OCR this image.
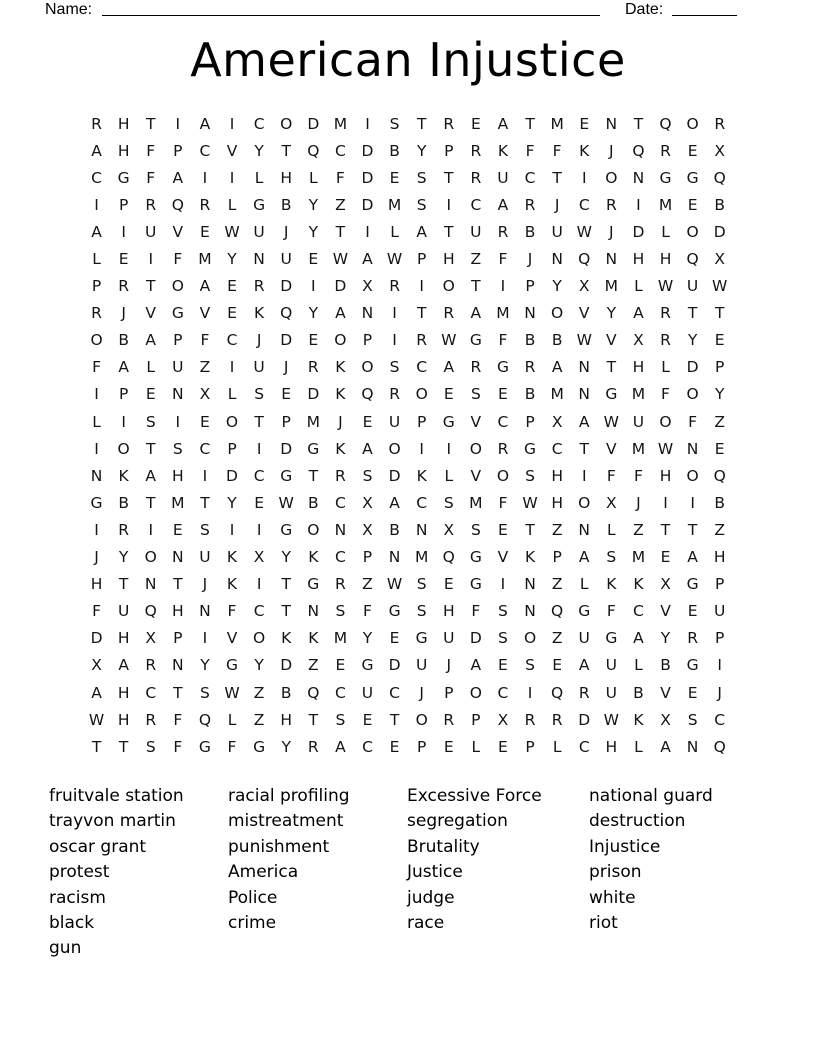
Name:	Date:
American Injustice
R	H	T	I	A	I	C	O D M	I	S	T	R	E	A	T	M	E	N	T	Q O	R
A	H	F	P	C	V	Y	T	Q	C	D	B	Y	P	R	K	F	F	K	J	Q	R	E	X
C	G	F	A	I	I	L	H	L	F	D	E	S	T	R	U	C	T	I	O N G G Q
I	P	R	Q	R	L	G	B	Y	Z	D M S	I	C	A	R	J	C	R	I	M	E	B
A	I	U	V	E W U	J	Y	T	I	L	A	T	U	R	B	U W	J	D	L	O D
L	E	I	F	M	Y	N	U	E W A W P	H	Z	F	J	N Q N H H Q	X
P	R	T	O	A	E	R	D	I	D	X	R	I	O	T	I	P	Y	X M	L W U W
R	J	V	G	V	E	K	Q	Y	A	N	I	T	R	A M N O	V	Y	A	R	T	T
O	B	A	P	F	C	J	D	E	O	P	I	R W G	F	B	B W V	X	R	Y	E
F	A	L	U	Z	I	U	J	R	K	O	S	C	A	R	G	R	A	N	T	H	L	D	P
I	P	E	N	X	L	S	E	D	K	Q	R	O	E	S	E	B M N G M	F	O	Y
L	I	S	I	E	O	T	P	M	J	E	U	P	G	V	C	P	X	A W U O	F	Z
I	O	T	S	C	P	I	D G	K	A	O	I	I	O	R	G	C	T	V M W N	E
N	K	A	H	I	D	C	G	T	R	S	D	K	L	V	O	S	H	I	F	F	H O Q
G	B	T	M	T	Y	E W B	C	X	A	C	S M	F W H O	X	J	I	I	B
I	R	I	E	S	I	I	G O N	X	B	N	X	S	E	T	Z	N	L	Z	T	T	Z
J	Y	O N	U	K	X	Y	K	C	P	N M Q G	V	K	P	A	S M	E	A	H
H	T	N	T	J	K	I	T	G	R	Z W S	E	G	I	N	Z	L	K	K	X	G	P
F	U Q H N	F	C	T	N	S	F	G	S	H	F	S	N Q G	F	C	V	E	U
D H	X	P	I	V	O	K	K M	Y	E	G U D	S	O	Z	U G	A	Y	R	P
X	A	R	N	Y	G	Y	D	Z	E	G D U	J	A	E	S	E	A	U	L	B	G	I
A	H	C	T	S W Z	B	Q	C	U	C	J	P	O	C	I	Q	R	U	B	V	E	J
W H	R	F	Q	L	Z	H	T	S	E	T	O	R	P	X	R	R	D W K	X	S	C
T	T	S	F	G	F	G	Y	R	A	C	E	P	E	L	E	P	L	C	H	L	A	N Q
fruitvale station
trayvon martin
oscar grant
protest
racism
black
gun
racial profiling
mistreatment
punishment
America
Police
crime
Excessive Force
segregation
Brutality
Justice
judge
race
national guard
destruction
Injustice
prison
white
riot
